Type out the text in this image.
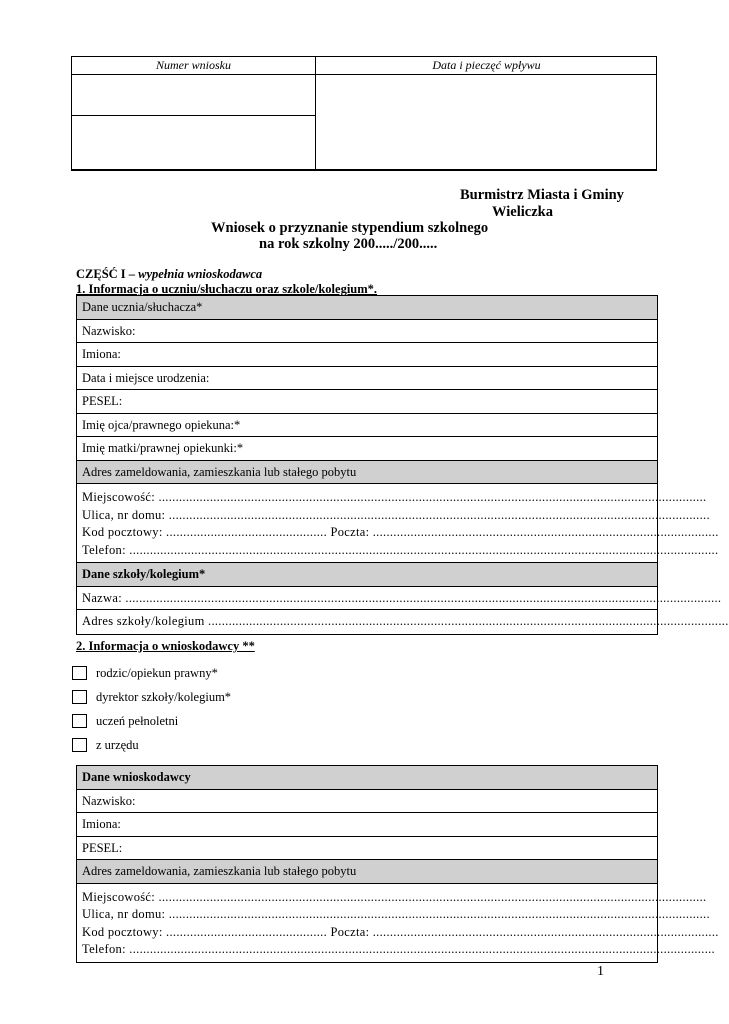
Numer wniosku	Data i pieczęć wpływu
Burmistrz Miasta i Gminy
Wieliczka
Wniosek o przyznanie stypendium szkolnego
na rok szkolny 200...../200.....
CZĘŚĆ I – wypełnia wnioskodawca
1. Informacja o uczniu/słuchaczu oraz szkole/kolegium*.
Dane ucznia/słuchacza*
Nazwisko:
Imiona:
Data i miejsce urodzenia:
PESEL:
Imię ojca/prawnego opiekuna:*
Imię matki/prawnej opiekunki:*
Adres zameldowania, zamieszkania lub stałego pobytu
Miejscowość: ................................................................................................................................................................
Ulica, nr domu: ..............................................................................................................................................................
Kod pocztowy: ............................................... Poczta: .....................................................................................................
Telefon: ............................................................................................................................................................................
Dane szkoły/kolegium*
Nazwa: ..............................................................................................................................................................................
Adres szkoły/kolegium ........................................................................................................................................................
2. Informacja o wnioskodawcy **
rodzic/opiekun prawny*
dyrektor szkoły/kolegium*
uczeń pełnoletni
z urzędu
Dane wnioskodawcy
Nazwisko:
Imiona:
PESEL:
Adres zameldowania, zamieszkania lub stałego pobytu
Miejscowość: ................................................................................................................................................................
Ulica, nr domu: ..............................................................................................................................................................
Kod pocztowy: ............................................... Poczta: .....................................................................................................
Telefon: ...........................................................................................................................................................................
1
